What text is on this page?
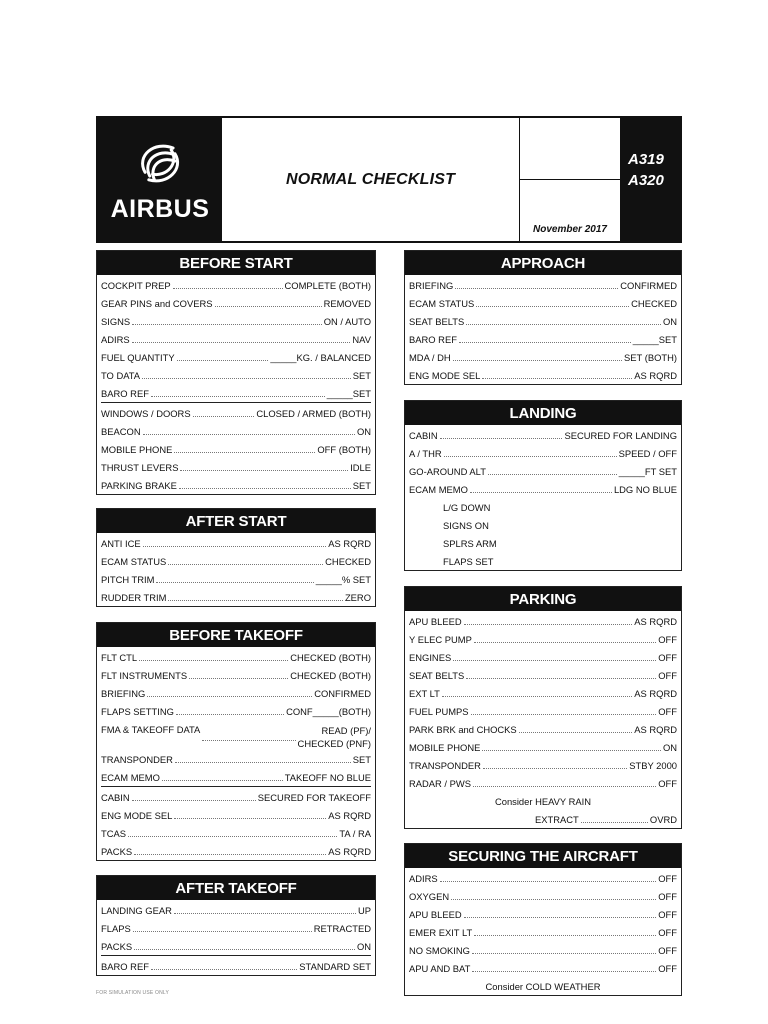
AIRBUS
NORMAL CHECKLIST
November 2017
A319
A320
BEFORE START
COCKPIT PREP	COMPLETE (BOTH)
GEAR PINS and COVERS	REMOVED
SIGNS	ON / AUTO
ADIRS	NAV
FUEL QUANTITY	_____KG. / BALANCED
TO DATA	SET
BARO REF	_____SET
WINDOWS / DOORS	CLOSED / ARMED (BOTH)
BEACON	ON
MOBILE PHONE	OFF (BOTH)
THRUST LEVERS	IDLE
PARKING BRAKE	SET
AFTER START
ANTI ICE	AS RQRD
ECAM STATUS	CHECKED
PITCH TRIM	_____% SET
RUDDER TRIM	ZERO
BEFORE TAKEOFF
FLT CTL	CHECKED (BOTH)
FLT INSTRUMENTS	CHECKED (BOTH)
BRIEFING	CONFIRMED
FLAPS SETTING	CONF_____(BOTH)
FMA & TAKEOFF DATA	READ (PF)/
CHECKED (PNF)
TRANSPONDER	SET
ECAM MEMO	TAKEOFF NO BLUE
CABIN	SECURED FOR TAKEOFF
ENG MODE SEL	AS RQRD
TCAS	TA / RA
PACKS	AS RQRD
AFTER TAKEOFF
LANDING GEAR	UP
FLAPS	RETRACTED
PACKS	ON
BARO REF	STANDARD SET
APPROACH
BRIEFING	CONFIRMED
ECAM STATUS	CHECKED
SEAT BELTS	ON
BARO REF	_____SET
MDA / DH	SET (BOTH)
ENG MODE SEL	AS RQRD
LANDING
CABIN	SECURED FOR LANDING
A / THR	SPEED / OFF
GO-AROUND ALT	_____FT SET
ECAM MEMO	LDG NO BLUE
L/G DOWN
SIGNS ON
SPLRS ARM
FLAPS SET
PARKING
APU BLEED	AS RQRD
Y ELEC PUMP	OFF
ENGINES	OFF
SEAT BELTS	OFF
EXT LT	AS RQRD
FUEL PUMPS	OFF
PARK BRK and CHOCKS	AS RQRD
MOBILE PHONE	ON
TRANSPONDER	STBY 2000
RADAR / PWS	OFF
Consider HEAVY RAIN
EXTRACT	OVRD
SECURING THE AIRCRAFT
ADIRS	OFF
OXYGEN	OFF
APU BLEED	OFF
EMER EXIT LT	OFF
NO SMOKING	OFF
APU AND BAT	OFF
Consider COLD WEATHER
FOR SIMULATION USE ONLY
